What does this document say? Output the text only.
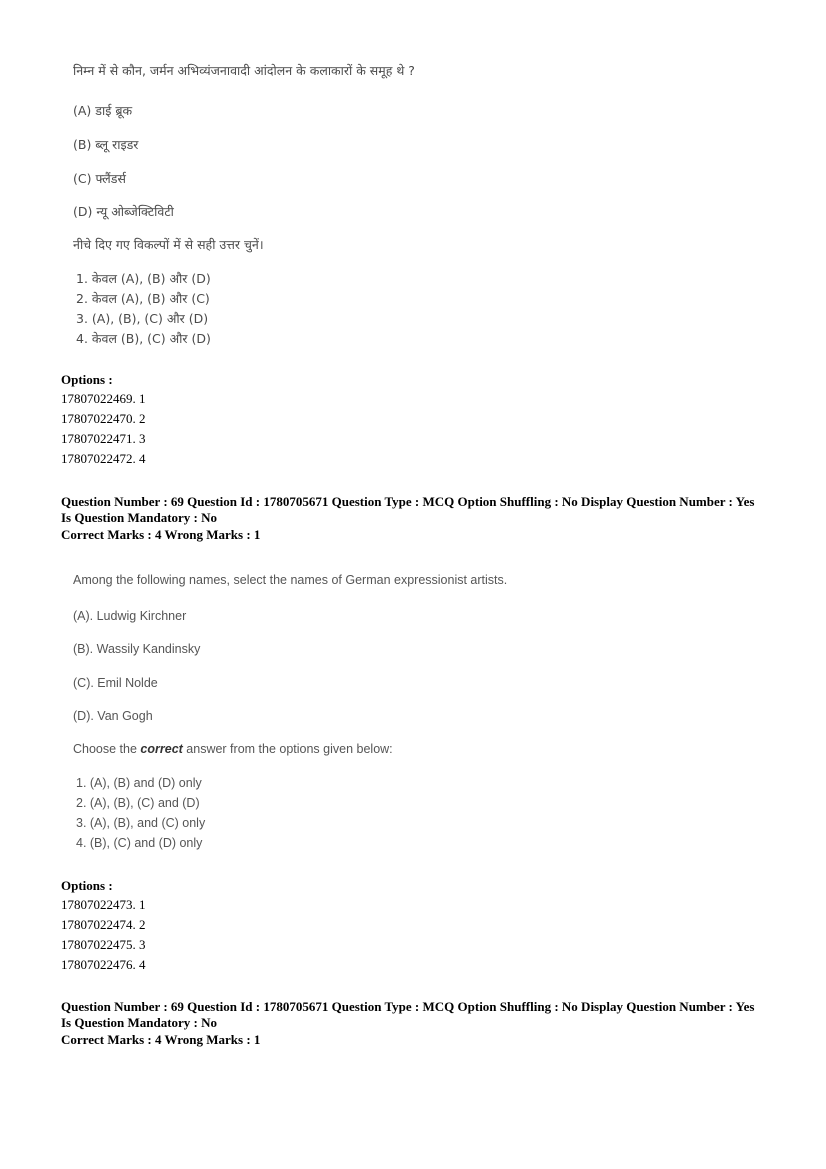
निम्न में से कौन, जर्मन अभिव्यंजनावादी आंदोलन के कलाकारों के समूह थे ?
(A) डाई ब्रूक
(B) ब्लू राइडर
(C) फ्लैंडर्स
(D) न्यू ओब्जेक्टिविटी
नीचे दिए गए विकल्पों में से सही उत्तर चुनें।
1. केवल (A), (B) और (D)
2. केवल (A), (B) और (C)
3. (A), (B), (C) और (D)
4. केवल (B), (C) और (D)
Options :
17807022469. 1
17807022470. 2
17807022471. 3
17807022472. 4
Question Number : 69 Question Id : 1780705671 Question Type : MCQ Option Shuffling : No Display Question Number : Yes
Is Question Mandatory : No
Correct Marks : 4 Wrong Marks : 1
Among the following names, select the names of German expressionist artists.
(A). Ludwig Kirchner
(B). Wassily Kandinsky
(C). Emil Nolde
(D). Van Gogh
Choose the correct answer from the options given below:
1. (A), (B) and (D) only
2. (A), (B), (C) and (D)
3. (A), (B), and (C) only
4. (B), (C) and (D) only
Options :
17807022473. 1
17807022474. 2
17807022475. 3
17807022476. 4
Question Number : 69 Question Id : 1780705671 Question Type : MCQ Option Shuffling : No Display Question Number : Yes
Is Question Mandatory : No
Correct Marks : 4 Wrong Marks : 1
